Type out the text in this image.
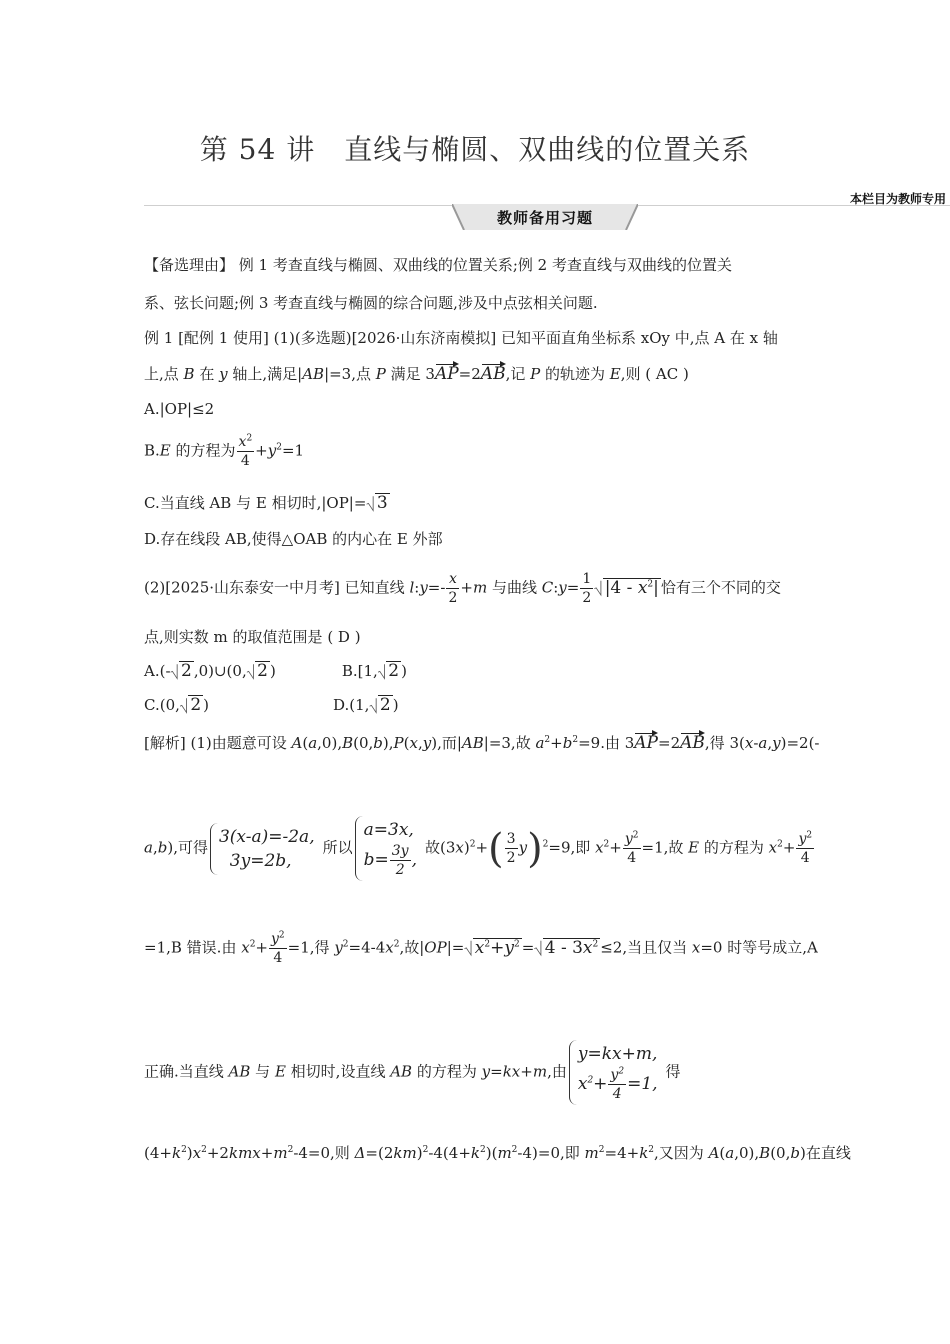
第 54 讲　直线与椭圆、双曲线的位置关系
本栏目为教师专用
教师备用习题
【备选理由】 例 1 考查直线与椭圆、双曲线的位置关系;例 2 考查直线与双曲线的位置关
系、弦长问题;例 3 考查直线与椭圆的综合问题,涉及中点弦相关问题.
例 1 [配例 1 使用] (1)(多选题)[2026·山东济南模拟] 已知平面直角坐标系 xOy 中,点 A 在 x 轴
上,点 B 在 y 轴上,满足|AB|=3,点 P 满足 3AP=2AB,记 P 的轨迹为 E,则 ( AC )
A.|OP|≤2
B.E 的方程为 $\frac{x^2}{4} +y^2=1$
C.当直线 AB 与 E 相切时,|OP|=⎷ 3
D.存在线段 AB,使得△OAB 的内心在 E 外部
(2)[2025·山东泰安一中月考] 已知直线 l:y=- $\frac{x}{2} +m$ 与曲线 C:y= $\frac{1}{2}$ ⎷ $|4 - x^2|$ 恰有三个不同的交
点,则实数 m 的取值范围是 ( D )
A.(-⎷ 2 ,0)∪(0,⎷ 2 )	B.[1,⎷ 2 )
C.(0,⎷ 2 )	D.(1,⎷ 2 )
[解析] (1)由题意可设 A(a,0),B(0,b),P(x,y),而|AB|=3,故 $a^2+b^2=9$.由 3AP=2AB,得 3(x-a,y)=2(-
a,b),可得
3(x-a)=-2a,
3y=2b,
所以
a=3x,
$b= \frac{3y}{2}$ ,
故$(3x)^2+( \frac{3}{2} y)^2=9$,即 $x^2+ \frac{y^2}{4} =1$,故 E 的方程为 $x^2+ \frac{y^2}{4}$
=1,B 错误.由 $x^2+ \frac{y^2}{4} =1$,得 $y^2=4-4x^2$,故|OP|=⎷ $x^2+y^2$ =⎷ $4 - 3x^2 \le 2$,当且仅当 x=0 时等号成立,A
正确.当直线 AB 与 E 相切时,设直线 AB 的方程为 y=kx+m,由
y=kx+m,
$x^2+ \frac{y^2}{4} =1$,
得
$(4+k^2)x^2+2kmx+m^2-4=0$,则 $\Delta=(2km)^2-4(4+k^2)(m^2-4)=0$,即 $m^2=4+k^2$,又因为 A(a,0),B(0,b)在直线
